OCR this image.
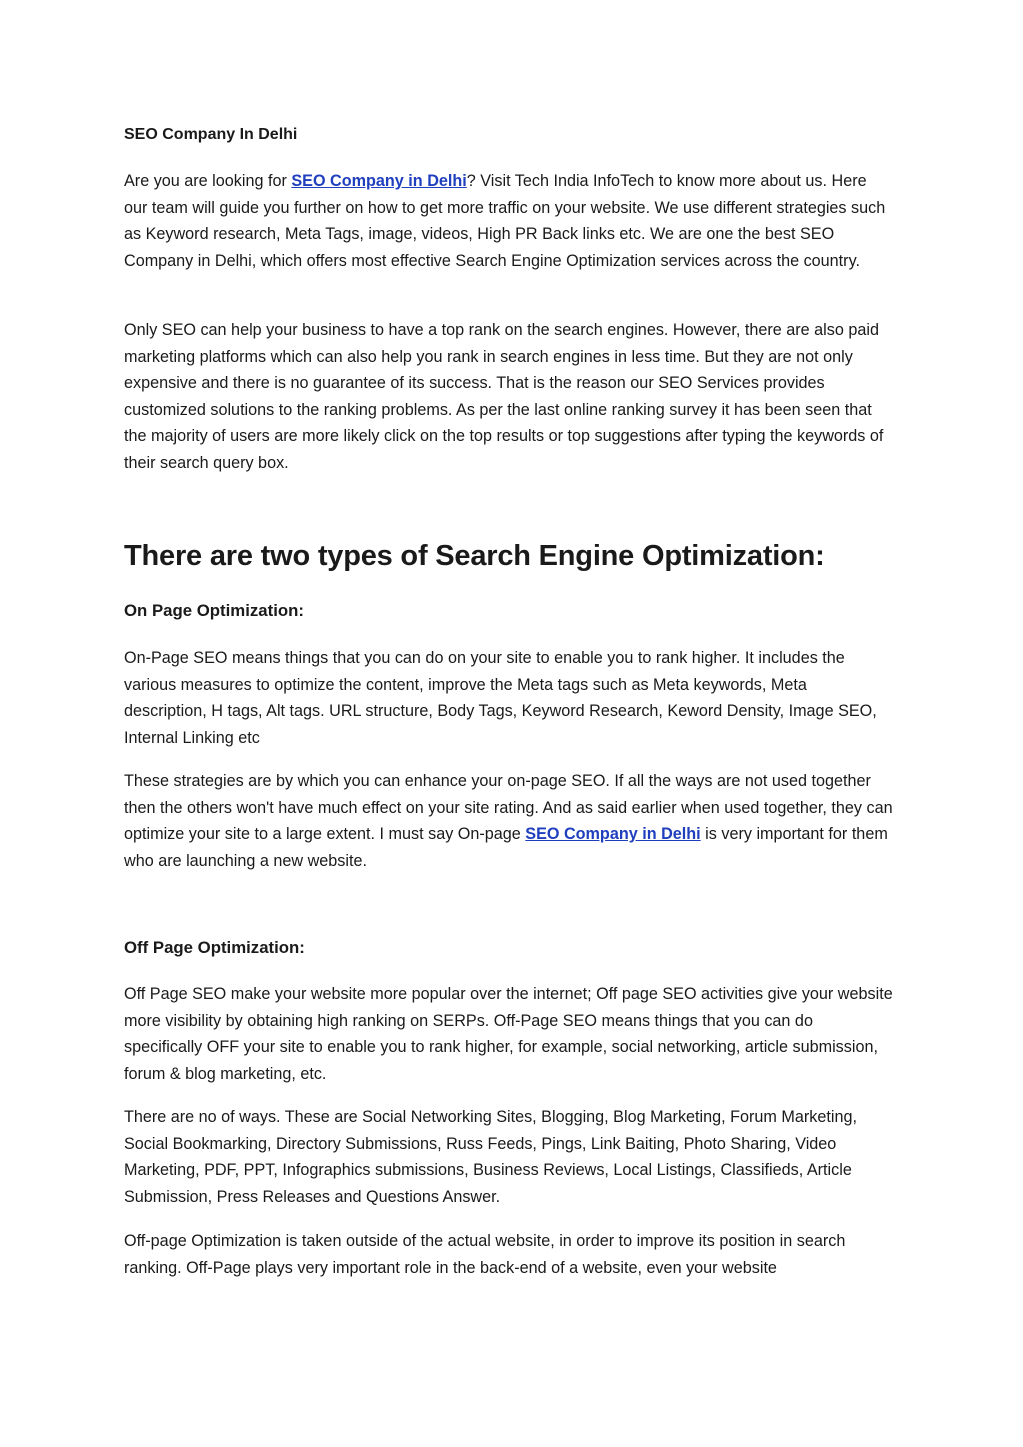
SEO Company In Delhi

Are you are looking for SEO Company in Delhi? Visit Tech India InfoTech to know more about us. Here our team will guide you further on how to get more traffic on your website. We use different strategies such as Keyword research, Meta Tags, image, videos, High PR Back links etc. We are one the best SEO Company in Delhi, which offers most effective Search Engine Optimization services across the country.

Only SEO can help your business to have a top rank on the search engines. However, there are also paid marketing platforms which can also help you rank in search engines in less time. But they are not only expensive and there is no guarantee of its success. That is the reason our SEO Services provides customized solutions to the ranking problems. As per the last online ranking survey it has been seen that the majority of users are more likely click on the top results or top suggestions after typing the keywords of their search query box.

There are two types of Search Engine Optimization:
On Page Optimization:

On-Page SEO means things that you can do on your site to enable you to rank higher. It includes the various measures to optimize the content, improve the Meta tags such as Meta keywords, Meta description, H tags, Alt tags. URL structure, Body Tags, Keyword Research, Keword Density, Image SEO, Internal Linking etc

These strategies are by which you can enhance your on-page SEO. If all the ways are not used together then the others won't have much effect on your site rating. And as said earlier when used together, they can optimize your site to a large extent. I must say On-page SEO Company in Delhi is very important for them who are launching a new website.

Off Page Optimization:

Off Page SEO make your website more popular over the internet; Off page SEO activities give your website more visibility by obtaining high ranking on SERPs. Off-Page SEO means things that you can do specifically OFF your site to enable you to rank higher, for example, social networking, article submission, forum & blog marketing, etc.

There are no of ways. These are Social Networking Sites, Blogging, Blog Marketing, Forum Marketing, Social Bookmarking, Directory Submissions, Russ Feeds, Pings, Link Baiting, Photo Sharing, Video Marketing, PDF, PPT, Infographics submissions, Business Reviews, Local Listings, Classifieds, Article Submission, Press Releases and Questions Answer.

Off-page Optimization is taken outside of the actual website, in order to improve its position in search ranking. Off-Page plays very important role in the back-end of a website, even your website
